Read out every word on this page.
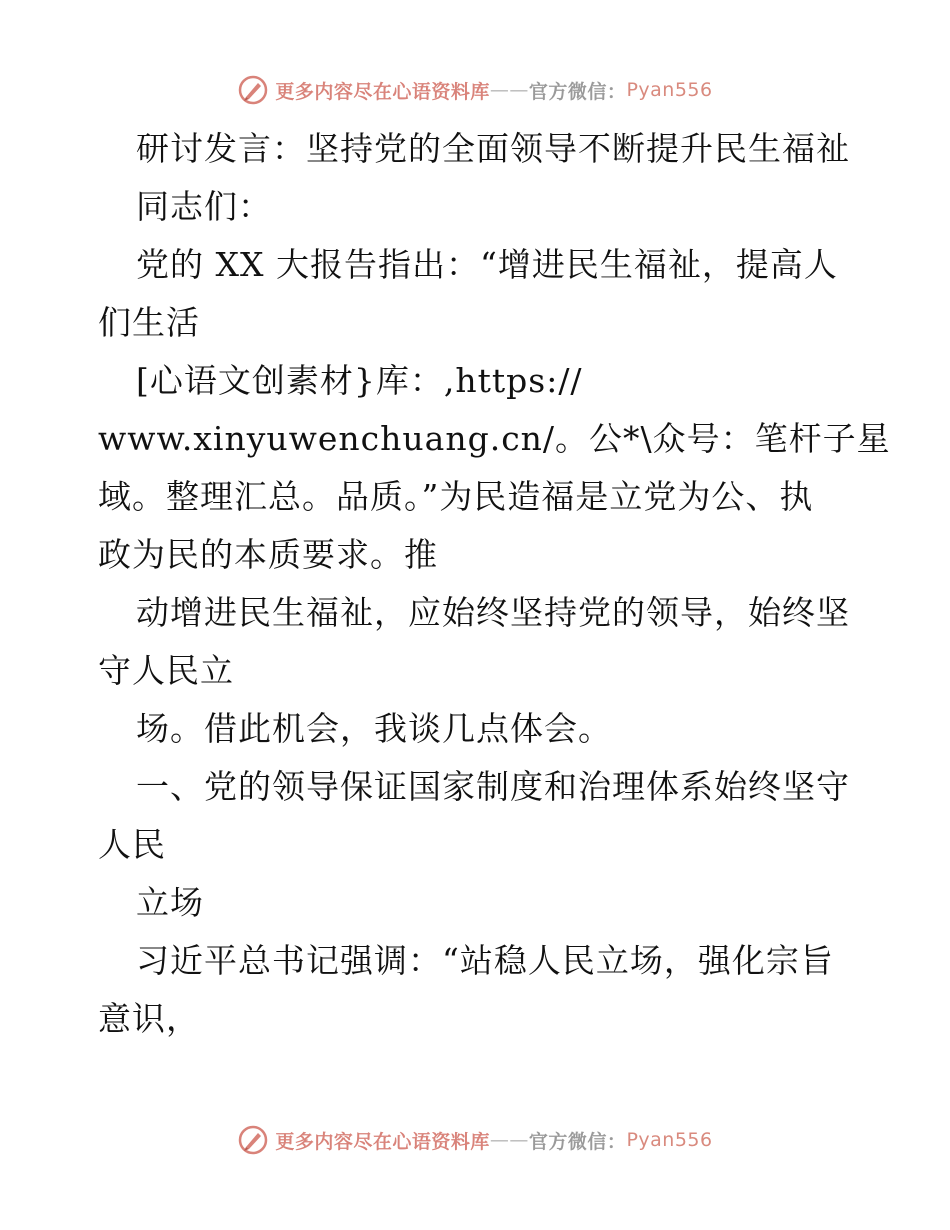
更多内容尽在心语资料库 —— 官方微信： Pyan556
研讨发言：坚持党的全面领导不断提升民生福祉
同志们：
党的 XX 大报告指出：“增进民生福祉，提高人
们生活
[心语文创素材}库：,https://
www.xinyuwenchuang.cn/。公*\众号：笔杆子星
域。整理汇总。品质。”为民造福是立党为公、执
政为民的本质要求。推
动增进民生福祉，应始终坚持党的领导，始终坚
守人民立
场。借此机会，我谈几点体会。
一、党的领导保证国家制度和治理体系始终坚守
人民
立场
习近平总书记强调：“站稳人民立场，强化宗旨
意识，
更多内容尽在心语资料库 —— 官方微信： Pyan556
